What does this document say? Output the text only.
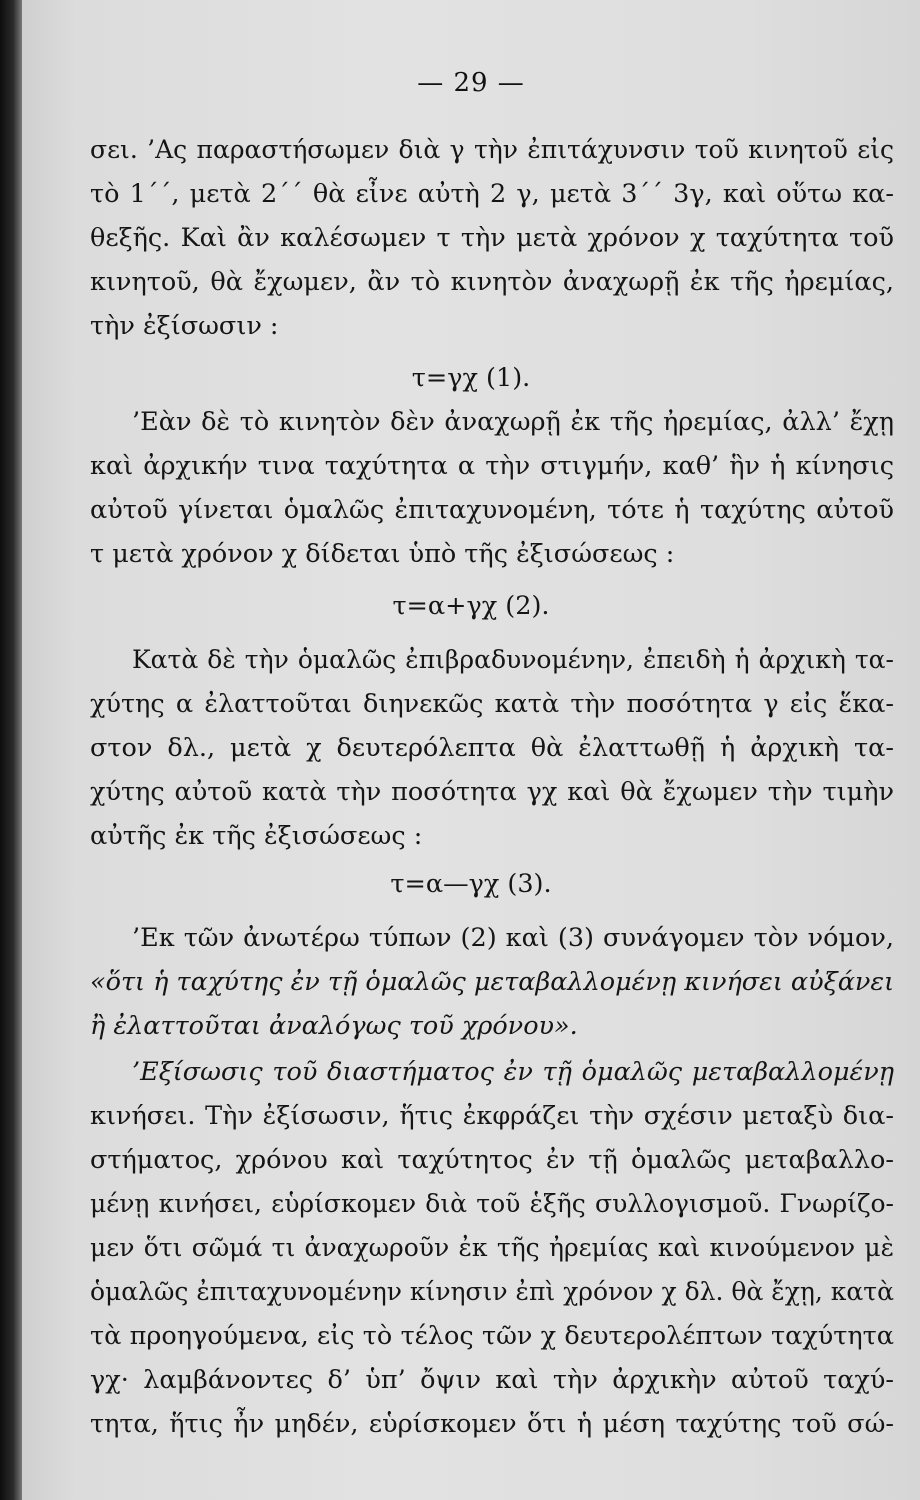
— 29 —
σει. ’Ας παραστήσωμεν διὰ γ τὴν ἐπιτάχυνσιν τοῦ κινητοῦ εἰς
τὸ 1΄΄, μετὰ 2΄΄ θὰ εἶνε αὐτὴ 2 γ, μετὰ 3΄΄ 3γ, καὶ οὕτω κα-
θεξῆς. Καὶ ἂν καλέσωμεν τ τὴν μετὰ χρόνον χ ταχύτητα τοῦ
κινητοῦ, θὰ ἔχωμεν, ἂν τὸ κινητὸν ἀναχωρῇ ἐκ τῆς ἠρεμίας,
τὴν ἐξίσωσιν :
τ=γχ (1).
’Εὰν δὲ τὸ κινητὸν δὲν ἀναχωρῇ ἐκ τῆς ἠρεμίας, ἀλλ’ ἔχῃ
καὶ ἀρχικήν τινα ταχύτητα α τὴν στιγμήν, καθ’ ἣν ἡ κίνησις
αὐτοῦ γίνεται ὁμαλῶς ἐπιταχυνομένη, τότε ἡ ταχύτης αὐτοῦ
τ μετὰ χρόνον χ δίδεται ὑπὸ τῆς ἐξισώσεως :
τ=α+γχ (2).
Κατὰ δὲ τὴν ὁμαλῶς ἐπιβραδυνομένην, ἐπειδὴ ἡ ἀρχικὴ τα-
χύτης α ἐλαττοῦται διηνεκῶς κατὰ τὴν ποσότητα γ εἰς ἕκα-
στον δλ., μετὰ χ δευτερόλεπτα θὰ ἐλαττωθῇ ἡ ἀρχικὴ τα-
χύτης αὐτοῦ κατὰ τὴν ποσότητα γχ καὶ θὰ ἔχωμεν τὴν τιμὴν
αὐτῆς ἐκ τῆς ἐξισώσεως :
τ=α—γχ (3).
’Εκ τῶν ἀνωτέρω τύπων (2) καὶ (3) συνάγομεν τὸν νόμον,
«ὅτι ἡ ταχύτης ἐν τῇ ὁμαλῶς μεταβαλλομένῃ κινήσει αὐξάνει
ἢ ἐλαττοῦται ἀναλόγως τοῦ χρόνου».
’Εξίσωσις τοῦ διαστήματος ἐν τῇ ὁμαλῶς μεταβαλλομένῃ
κινήσει. Τὴν ἐξίσωσιν, ἥτις ἐκφράζει τὴν σχέσιν μεταξὺ δια-
στήματος, χρόνου καὶ ταχύτητος ἐν τῇ ὁμαλῶς μεταβαλλο-
μένῃ κινήσει, εὑρίσκομεν διὰ τοῦ ἑξῆς συλλογισμοῦ. Γνωρίζο-
μεν ὅτι σῶμά τι ἀναχωροῦν ἐκ τῆς ἠρεμίας καὶ κινούμενον μὲ
ὁμαλῶς ἐπιταχυνομένην κίνησιν ἐπὶ χρόνον χ δλ. θὰ ἔχῃ, κατὰ
τὰ προηγούμενα, εἰς τὸ τέλος τῶν χ δευτερολέπτων ταχύτητα
γχ· λαμβάνοντες δ’ ὑπ’ ὄψιν καὶ τὴν ἀρχικὴν αὐτοῦ ταχύ-
τητα, ἥτις ἦν μηδέν, εὑρίσκομεν ὅτι ἡ μέση ταχύτης τοῦ σώ-
